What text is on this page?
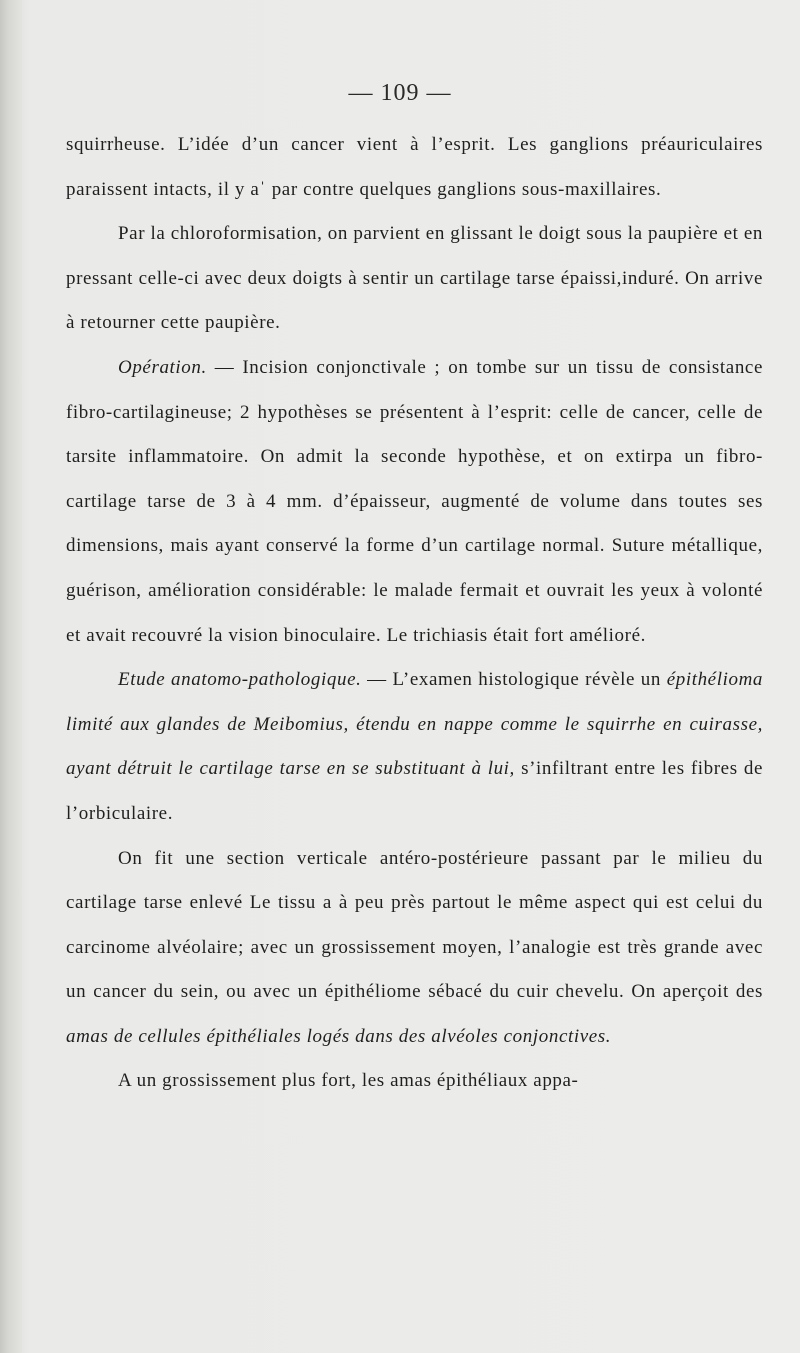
— 109 —

squirrheuse. L’idée d’un cancer vient à l’esprit. Les ganglions préauriculaires paraissent intacts, il y aˈ par contre quelques ganglions sous-maxillaires.

Par la chloroformisation, on parvient en glissant le doigt sous la paupière et en pressant celle-ci avec deux doigts à sentir un cartilage tarse épaissi,induré. On arrive à retourner cette paupière.

Opération. — Incision conjonctivale ; on tombe sur un tissu de consistance fibro-cartilagineuse; 2 hypothèses se présentent à l’esprit: celle de cancer, celle de tarsite inflammatoire. On admit la seconde hypothèse, et on extirpa un fibro-cartilage tarse de 3 à 4 mm. d’épaisseur, augmenté de volume dans toutes ses dimensions, mais ayant conservé la forme d’un cartilage normal. Suture métallique, guérison, amélioration considérable: le malade fermait et ouvrait les yeux à volonté et avait recouvré la vision binoculaire. Le trichiasis était fort amélioré.

Etude anatomo-pathologique. — L’examen histologique révèle un épithélioma limité aux glandes de Meibomius, étendu en nappe comme le squirrhe en cuirasse, ayant détruit le cartilage tarse en se substituant à lui, s’infiltrant entre les fibres de l’orbiculaire.

On fit une section verticale antéro-postérieure passant par le milieu du cartilage tarse enlevé Le tissu a à peu près partout le même aspect qui est celui du carcinome alvéolaire; avec un grossissement moyen, l’analogie est très grande avec un cancer du sein, ou avec un épithéliome sébacé du cuir chevelu. On aperçoit des amas de cellules épithéliales logés dans des alvéoles conjonctives.

A un grossissement plus fort, les amas épithéliaux appa-
